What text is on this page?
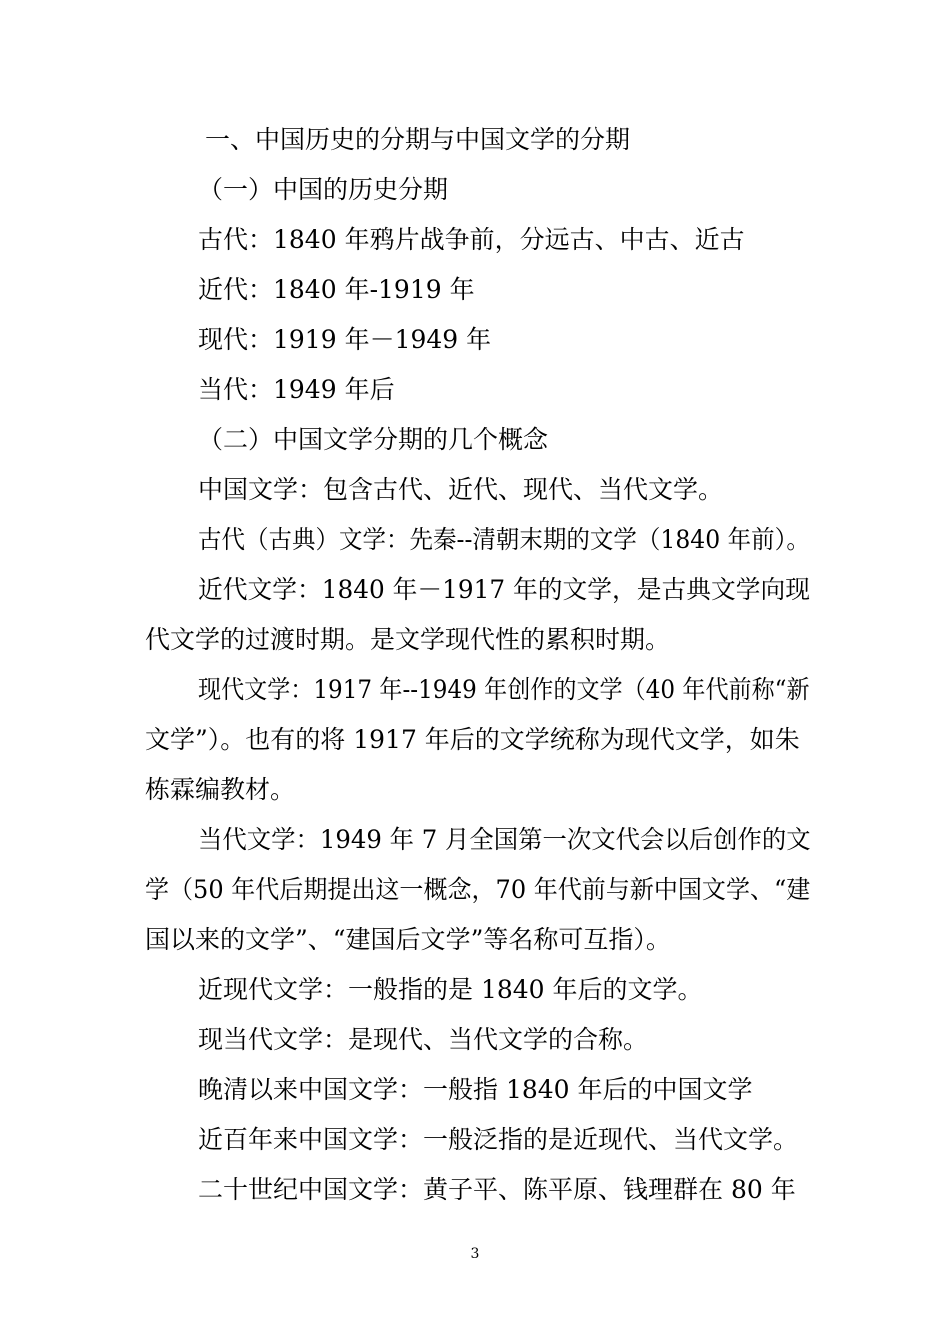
一、中国历史的分期与中国文学的分期
（一）中国的历史分期
古代：1840 年鸦片战争前，分远古、中古、近古
近代：1840 年-1919 年
现代：1919 年－1949 年
当代：1949 年后
（二）中国文学分期的几个概念
中国文学：包含古代、近代、现代、当代文学。
古代（古典）文学：先秦--清朝末期的文学（1840 年前）。
近代文学：1840 年－1917 年的文学，是古典文学向现
代文学的过渡时期。是文学现代性的累积时期。
现代文学：1917 年--1949 年创作的文学（40 年代前称“新
文学”）。也有的将 1917 年后的文学统称为现代文学，如朱
栋霖编教材。
当代文学：1949 年 7 月全国第一次文代会以后创作的文
学（50 年代后期提出这一概念，70 年代前与新中国文学、“建
国以来的文学”、“建国后文学”等名称可互指）。
近现代文学：一般指的是 1840 年后的文学。
现当代文学：是现代、当代文学的合称。
晚清以来中国文学：一般指 1840 年后的中国文学
近百年来中国文学：一般泛指的是近现代、当代文学。
二十世纪中国文学：黄子平、陈平原、钱理群在 80 年
3
